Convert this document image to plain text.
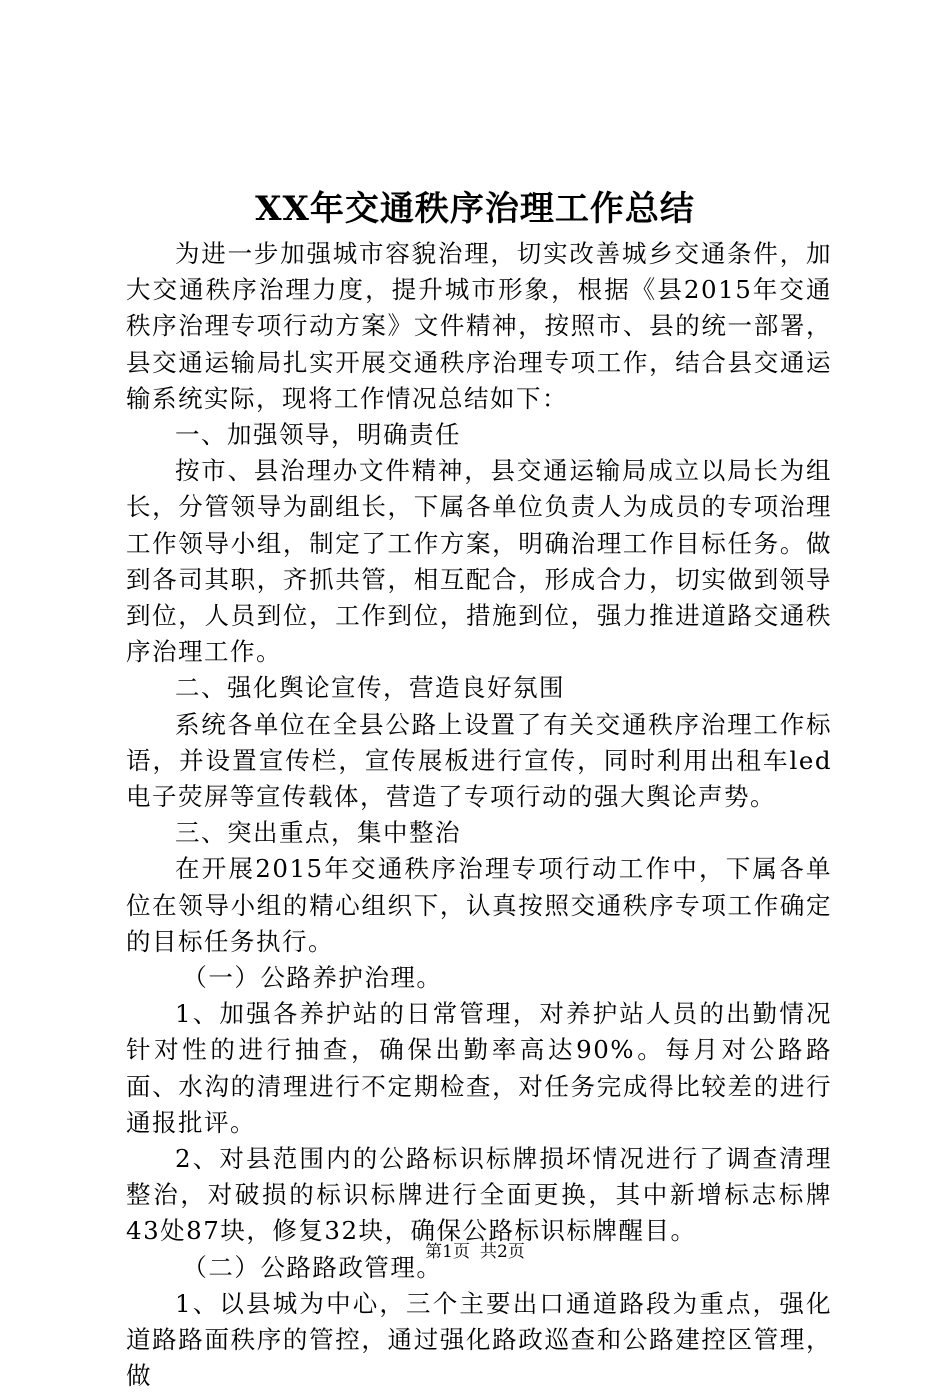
XX年交通秩序治理工作总结

为进一步加强城市容貌治理，切实改善城乡交通条件，加大交通秩序治理力度，提升城市形象，根据《县2015年交通秩序治理专项行动方案》文件精神，按照市、县的统一部署，县交通运输局扎实开展交通秩序治理专项工作，结合县交通运输系统实际，现将工作情况总结如下：

一、加强领导，明确责任

按市、县治理办文件精神，县交通运输局成立以局长为组长，分管领导为副组长，下属各单位负责人为成员的专项治理工作领导小组，制定了工作方案，明确治理工作目标任务。做到各司其职，齐抓共管，相互配合，形成合力，切实做到领导到位，人员到位，工作到位，措施到位，强力推进道路交通秩序治理工作。

二、强化舆论宣传，营造良好氛围

系统各单位在全县公路上设置了有关交通秩序治理工作标语，并设置宣传栏，宣传展板进行宣传，同时利用出租车led电子荧屏等宣传载体，营造了专项行动的强大舆论声势。

三、突出重点，集中整治

在开展2015年交通秩序治理专项行动工作中，下属各单位在领导小组的精心组织下，认真按照交通秩序专项工作确定的目标任务执行。

（一）公路养护治理。

1、加强各养护站的日常管理，对养护站人员的出勤情况针对性的进行抽查，确保出勤率高达90%。每月对公路路面、水沟的清理进行不定期检查，对任务完成得比较差的进行通报批评。

2、对县范围内的公路标识标牌损坏情况进行了调查清理整治，对破损的标识标牌进行全面更换，其中新增标志标牌43处87块，修复32块，确保公路标识标牌醒目。

（二）公路路政管理。

1、以县城为中心，三个主要出口通道路段为重点，强化道路路面秩序的管控，通过强化路政巡查和公路建控区管理，做

第1页 共2页
